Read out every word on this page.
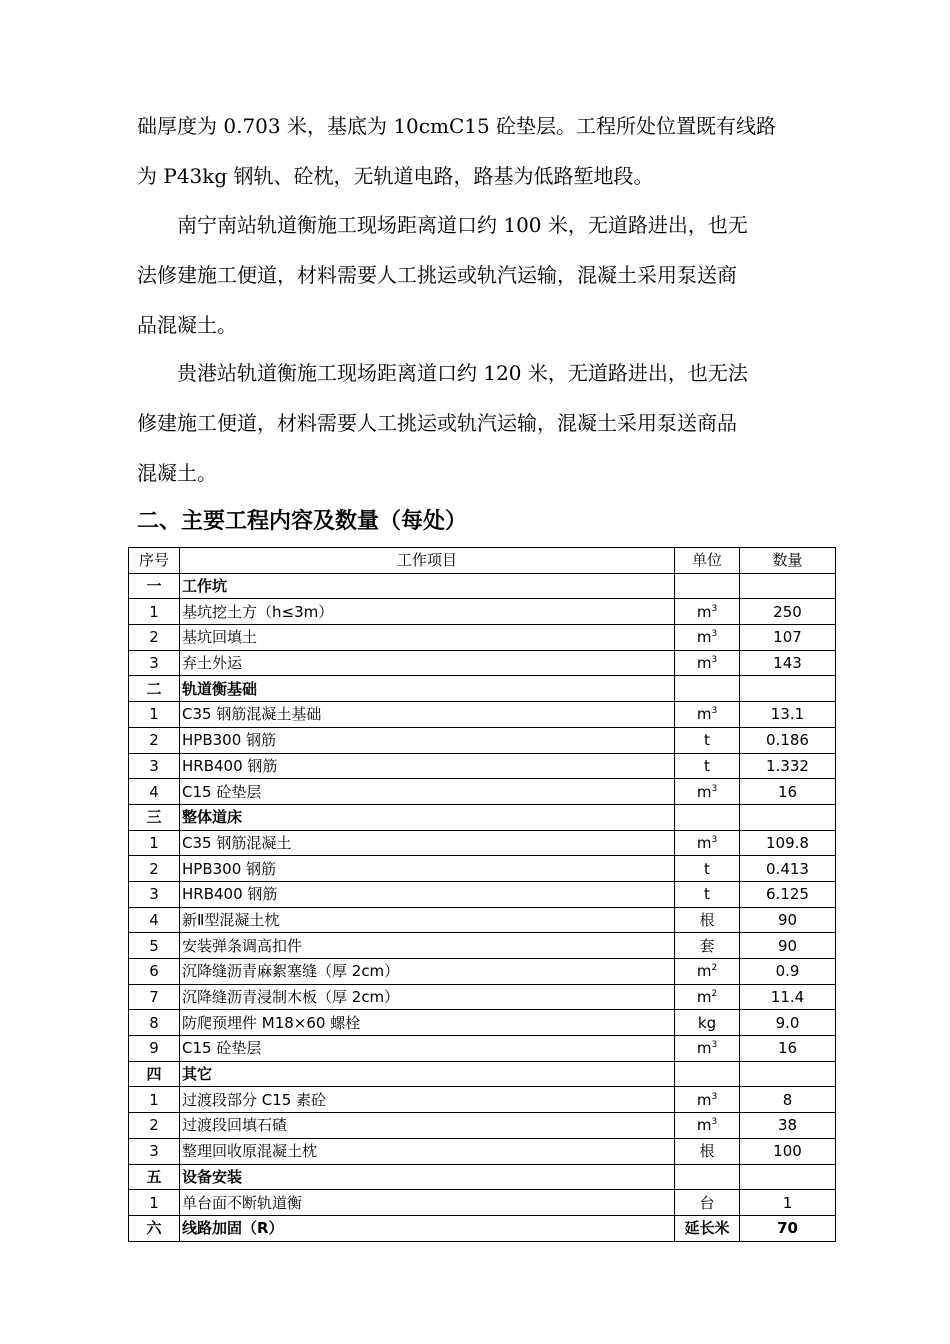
础厚度为 0.703 米，基底为 10cmC15 砼垫层。工程所处位置既有线路
为 P43kg 钢轨、砼枕，无轨道电路，路基为低路堑地段。
　　南宁南站轨道衡施工现场距离道口约 100 米，无道路进出，也无
法修建施工便道，材料需要人工挑运或轨汽运输，混凝土采用泵送商
品混凝土。
　　贵港站轨道衡施工现场距离道口约 120 米，无道路进出，也无法
修建施工便道，材料需要人工挑运或轨汽运输，混凝土采用泵送商品
混凝土。
二、主要工程内容及数量（每处）
序号	工作项目	单位	数量
一	工作坑		
1	基坑挖土方（h≤3m）	$m^3$	250
2	基坑回填土	$m^3$	107
3	弃土外运	$m^3$	143
二	轨道衡基础		
1	C35 钢筋混凝土基础	$m^3$	13.1
2	HPB300 钢筋	t	0.186
3	HRB400 钢筋	t	1.332
4	C15 砼垫层	$m^3$	16
三	整体道床		
1	C35 钢筋混凝土	$m^3$	109.8
2	HPB300 钢筋	t	0.413
3	HRB400 钢筋	t	6.125
4	新Ⅱ型混凝土枕	根	90
5	安装弹条调高扣件	套	90
6	沉降缝沥青麻絮塞缝（厚 2cm）	$m^2$	0.9
7	沉降缝沥青浸制木板（厚 2cm）	$m^2$	11.4
8	防爬预埋件 M18×60 螺栓	kg	9.0
9	C15 砼垫层	$m^3$	16
四	其它		
1	过渡段部分 C15 素砼	$m^3$	8
2	过渡段回填石碴	$m^3$	38
3	整理回收原混凝土枕	根	100
五	设备安装		
1	单台面不断轨道衡	台	1
六	线路加固（R）	延长米	70
